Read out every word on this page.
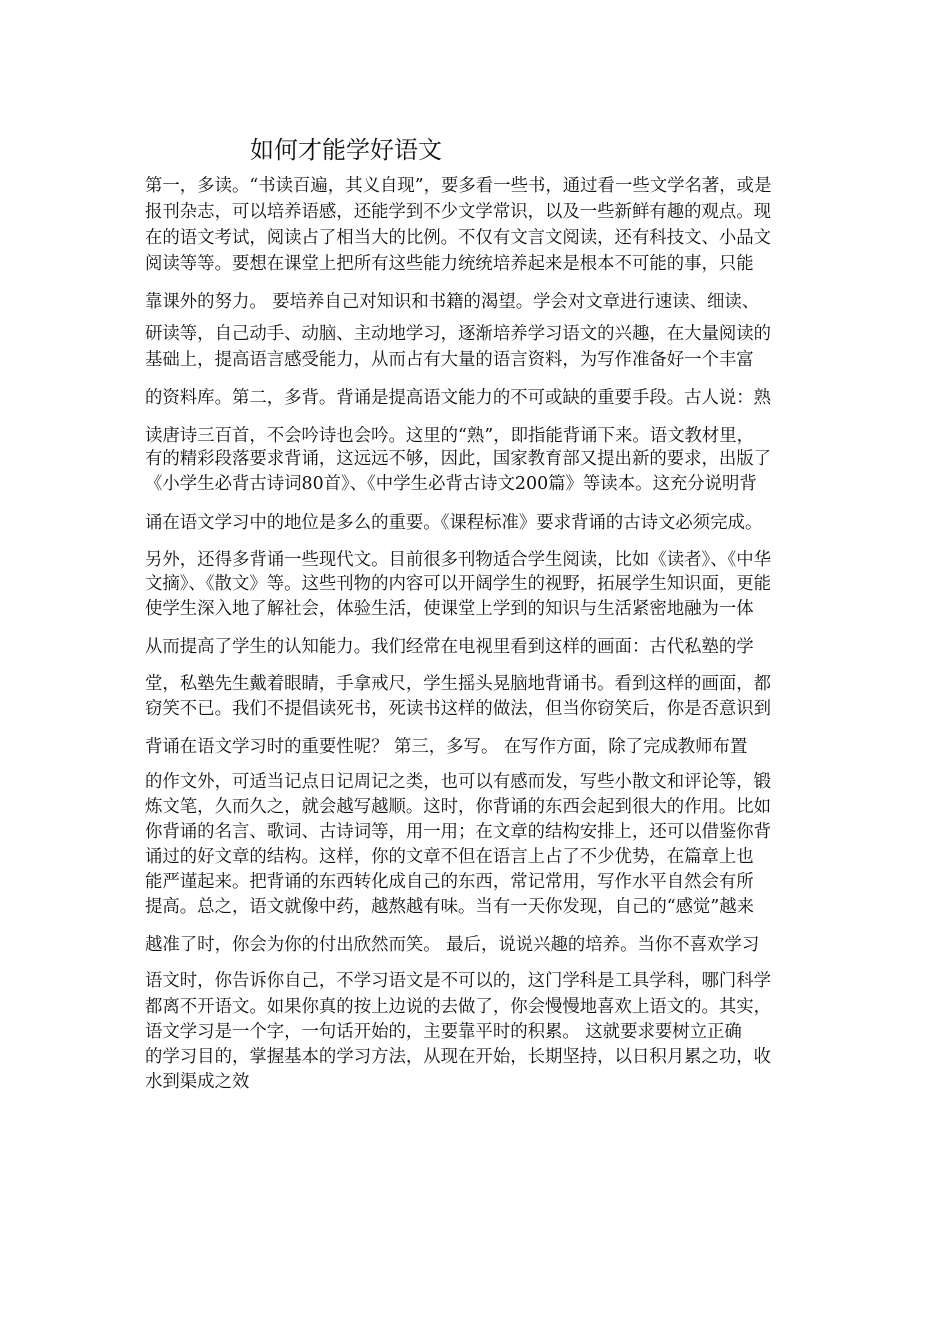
如何才能学好语文

第一，多读。“书读百遍，其义自现”，要多看一些书，通过看一些文学名著，或是

报刊杂志，可以培养语感，还能学到不少文学常识，以及一些新鲜有趣的观点。现

在的语文考试，阅读占了相当大的比例。不仅有文言文阅读，还有科技文、小品文

阅读等等。要想在课堂上把所有这些能力统统培养起来是根本不可能的事，只能

靠课外的努力。 要培养自己对知识和书籍的渴望。学会对文章进行速读、细读、

研读等，自己动手、动脑、主动地学习，逐渐培养学习语文的兴趣，在大量阅读的

基础上，提高语言感受能力，从而占有大量的语言资料，为写作准备好一个丰富

的资料库。第二，多背。背诵是提高语文能力的不可或缺的重要手段。古人说：熟

读唐诗三百首，不会吟诗也会吟。这里的“熟”，即指能背诵下来。语文教材里，

有的精彩段落要求背诵，这远远不够，因此，国家教育部又提出新的要求，出版了

《小学生必背古诗词80首》、《中学生必背古诗文200篇》等读本。这充分说明背

诵在语文学习中的地位是多么的重要。《课程标准》要求背诵的古诗文必须完成。

另外，还得多背诵一些现代文。目前很多刊物适合学生阅读，比如《读者》、《中华

文摘》、《散文》等。这些刊物的内容可以开阔学生的视野，拓展学生知识面，更能

使学生深入地了解社会，体验生活，使课堂上学到的知识与生活紧密地融为一体

从而提高了学生的认知能力。我们经常在电视里看到这样的画面：古代私塾的学

堂，私塾先生戴着眼睛，手拿戒尺，学生摇头晃脑地背诵书。看到这样的画面，都

窃笑不已。我们不提倡读死书，死读书这样的做法，但当你窃笑后，你是否意识到

背诵在语文学习时的重要性呢？ 第三，多写。 在写作方面，除了完成教师布置

的作文外，可适当记点日记周记之类，也可以有感而发，写些小散文和评论等，锻

炼文笔，久而久之，就会越写越顺。这时，你背诵的东西会起到很大的作用。比如

你背诵的名言、歌词、古诗词等，用一用；在文章的结构安排上，还可以借鉴你背

诵过的好文章的结构。这样，你的文章不但在语言上占了不少优势，在篇章上也

能严谨起来。把背诵的东西转化成自己的东西，常记常用，写作水平自然会有所

提高。总之，语文就像中药，越熬越有味。当有一天你发现，自己的“感觉”越来

越准了时，你会为你的付出欣然而笑。 最后，说说兴趣的培养。当你不喜欢学习

语文时，你告诉你自己，不学习语文是不可以的，这门学科是工具学科，哪门科学

都离不开语文。如果你真的按上边说的去做了，你会慢慢地喜欢上语文的。其实，

语文学习是一个字，一句话开始的，主要靠平时的积累。 这就要求要树立正确

的学习目的，掌握基本的学习方法，从现在开始，长期坚持，以日积月累之功，收

水到渠成之效
